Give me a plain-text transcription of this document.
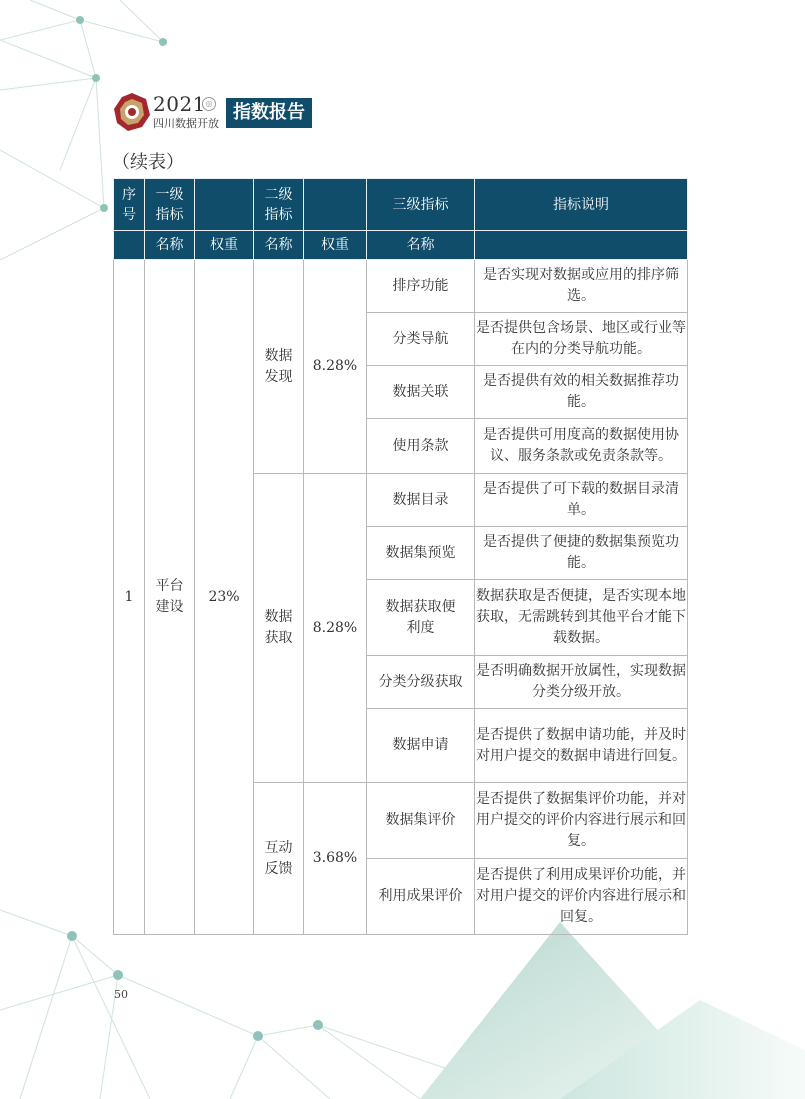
2021 ◎
四川数据开放
指数报告
（续表）
序号	一级指标		二级指标		三级指标	指标说明
	名称	权重	名称	权重	名称	
1	平台建设	23%	数据发现	8.28%	排序功能	是否实现对数据或应用的排序筛选。
					分类导航	是否提供包含场景、地区或行业等在内的分类导航功能。
					数据关联	是否提供有效的相关数据推荐功能。
					使用条款	是否提供可用度高的数据使用协议、服务条款或免责条款等。
			数据获取	8.28%	数据目录	是否提供了可下载的数据目录清单。
					数据集预览	是否提供了便捷的数据集预览功能。
					数据获取便利度	数据获取是否便捷，是否实现本地获取，无需跳转到其他平台才能下载数据。
					分类分级获取	是否明确数据开放属性，实现数据分类分级开放。
					数据申请	是否提供了数据申请功能，并及时对用户提交的数据申请进行回复。
			互动反馈	3.68%	数据集评价	是否提供了数据集评价功能，并对用户提交的评价内容进行展示和回复。
					利用成果评价	是否提供了利用成果评价功能，并对用户提交的评价内容进行展示和回复。
50
